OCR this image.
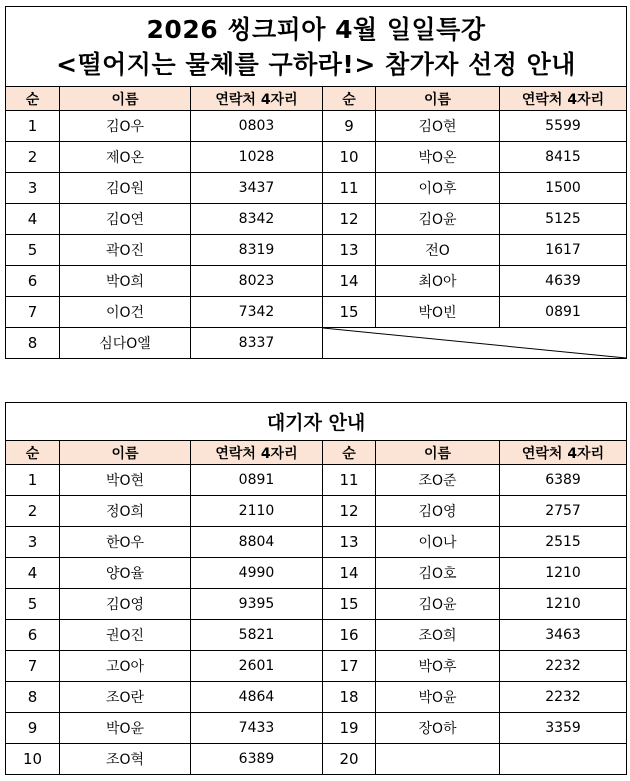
2026 씽크피아 4월 일일특강
<떨어지는 물체를 구하라!> 참가자 선정 안내					

순	이름	연락처 4자리	순	이름	연락처 4자리
1	김O우	0803	9	김O현	5599
2	제O온	1028	10	박O온	8415
3	김O원	3437	11	이O후	1500
4	김O연	8342	12	김O윤	5125
5	곽O진	8319	13	전O	1617
6	박O희	8023	14	최O아	4639
7	이O건	7342	15	박O빈	0891
8	심다O엘	8337	
대기자 안내					
순	이름	연락처 4자리	순	이름	연락처 4자리
1	박O현	0891	11	조O준	6389
2	정O희	2110	12	김O영	2757
3	한O우	8804	13	이O나	2515
4	양O율	4990	14	김O호	1210
5	김O영	9395	15	김O윤	1210
6	권O진	5821	16	조O희	3463
7	고O아	2601	17	박O후	2232
8	조O란	4864	18	박O윤	2232
9	박O윤	7433	19	장O하	3359
10	조O혁	6389	20		
